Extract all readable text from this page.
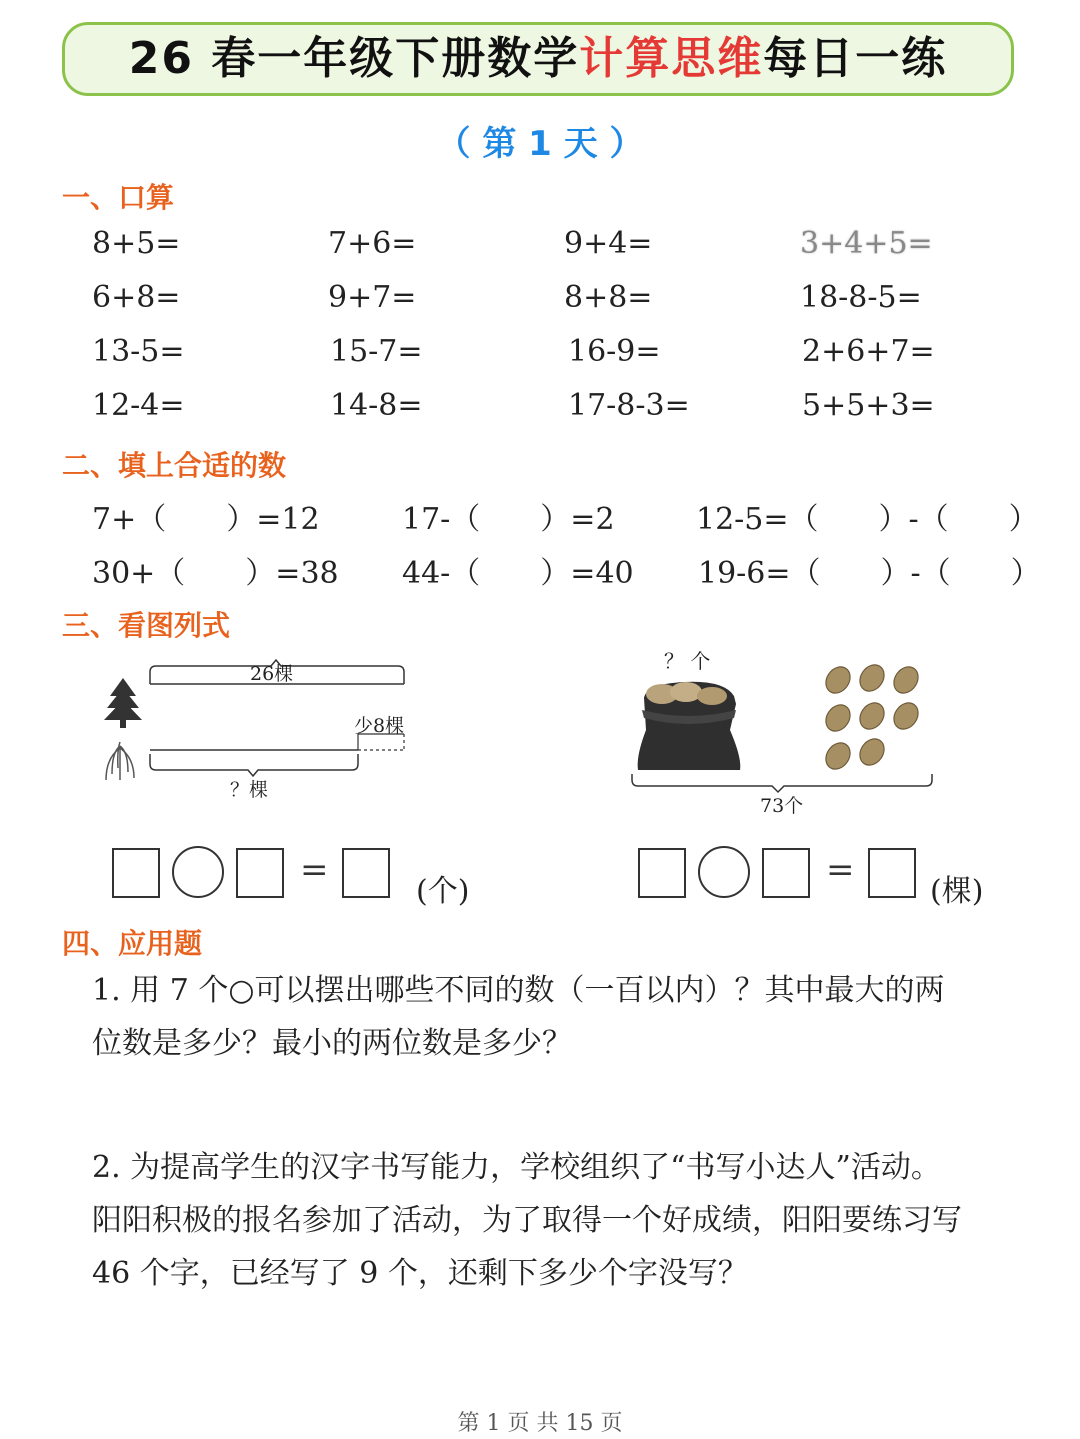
26 春一年级下册数学计算思维每日一练
（ 第 1 天 ）
一、口算
8+5=	7+6=	9+4=	3+4+5=
6+8=	9+7=	8+8=	18-8-5=
13-5=	15-7=	16-9=	2+6+7=
12-4=	14-8=	17-8-3=	5+5+3=
二、填上合适的数
7+（　　）=12	17-（　　）=2	12-5=（　　）-（　　）
30+（　　）=38 44-（　　）=40 19-6=（　　）-（　　）
三、看图列式
26棵
少8棵
？棵
？ 个
73个
=
(个)
=
(棵)
四、应用题
1. 用 7 个○可以摆出哪些不同的数（一百以内）？其中最大的两
位数是多少？最小的两位数是多少？
2. 为提高学生的汉字书写能力，学校组织了“书写小达人”活动。
阳阳积极的报名参加了活动，为了取得一个好成绩，阳阳要练习写
46 个字，已经写了 9 个，还剩下多少个字没写？
第 1 页 共 15 页
